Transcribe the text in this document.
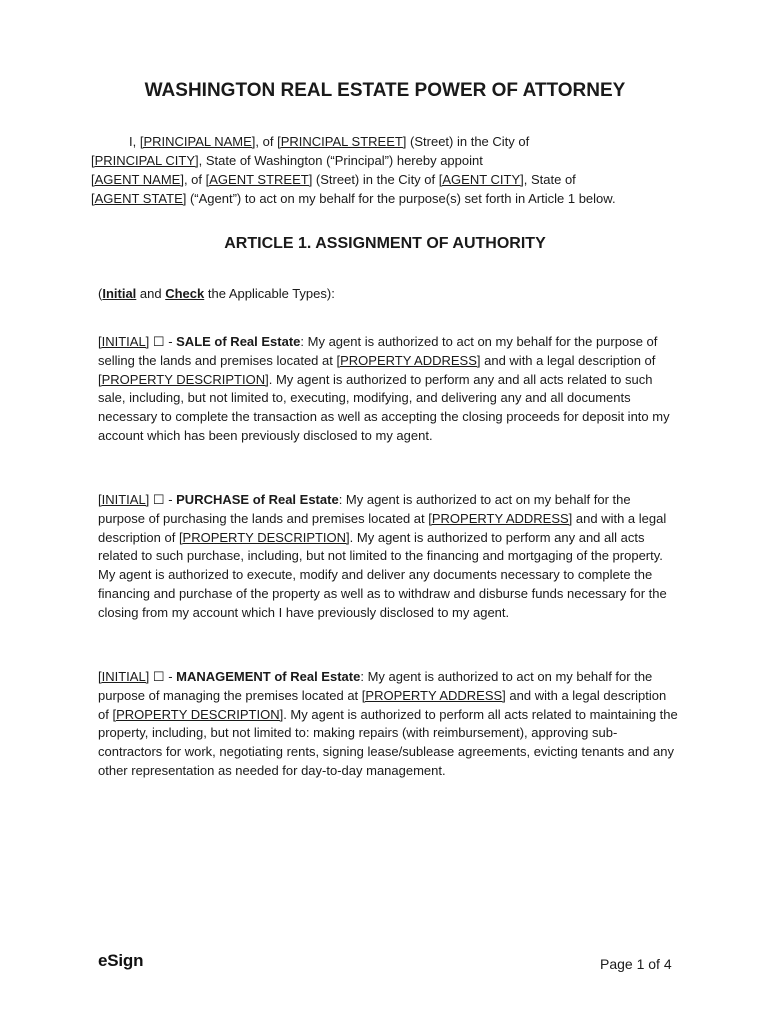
WASHINGTON REAL ESTATE POWER OF ATTORNEY

I, [PRINCIPAL NAME], of [PRINCIPAL STREET] (Street) in the City of
[PRINCIPAL CITY], State of Washington (“Principal”) hereby appoint
[AGENT NAME], of [AGENT STREET] (Street) in the City of [AGENT CITY], State of
[AGENT STATE] (“Agent”) to act on my behalf for the purpose(s) set forth in Article 1 below.

ARTICLE 1. ASSIGNMENT OF AUTHORITY

(Initial and Check the Applicable Types):

[INITIAL] ☐ - SALE of Real Estate: My agent is authorized to act on my behalf for the purpose of selling the lands and premises located at [PROPERTY ADDRESS] and with a legal description of [PROPERTY DESCRIPTION]. My agent is authorized to perform any and all acts related to such sale, including, but not limited to, executing, modifying, and delivering any and all documents necessary to complete the transaction as well as accepting the closing proceeds for deposit into my account which has been previously disclosed to my agent.

[INITIAL] ☐ - PURCHASE of Real Estate: My agent is authorized to act on my behalf for the purpose of purchasing the lands and premises located at [PROPERTY ADDRESS] and with a legal description of [PROPERTY DESCRIPTION]. My agent is authorized to perform any and all acts related to such purchase, including, but not limited to the financing and mortgaging of the property. My agent is authorized to execute, modify and deliver any documents necessary to complete the financing and purchase of the property as well as to withdraw and disburse funds necessary for the closing from my account which I have previously disclosed to my agent.

[INITIAL] ☐ - MANAGEMENT of Real Estate: My agent is authorized to act on my behalf for the purpose of managing the premises located at [PROPERTY ADDRESS] and with a legal description of [PROPERTY DESCRIPTION]. My agent is authorized to perform all acts related to maintaining the property, including, but not limited to: making repairs (with reimbursement), approving sub-contractors for work, negotiating rents, signing lease/sublease agreements, evicting tenants and any other representation as needed for day-to-day management.

eSign	Page 1 of 4
